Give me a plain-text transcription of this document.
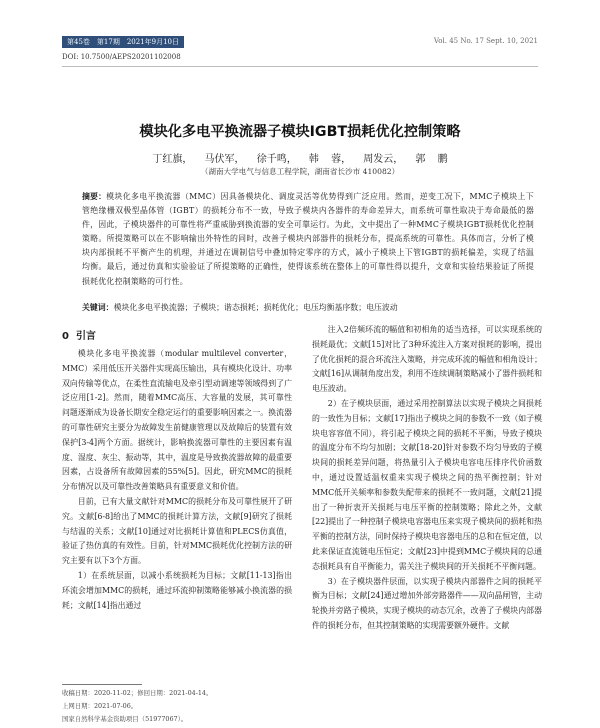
第45卷　第17期　2021年9月10日	Vol. 45 No. 17 Sept. 10, 2021
DOI: 10.7500/AEPS20201102008
模块化多电平换流器子模块IGBT损耗优化控制策略
丁红旗， 马伏军， 徐千鸣， 韩 蓉， 周发云， 郭 鹏
（湖南大学电气与信息工程学院，湖南省长沙市 410082）
摘要：模块化多电平换流器（MMC）因具备模块化、调度灵活等优势得到广泛应用。然而，逆变工况下，MMC子模块上下管绝缘栅双极型晶体管（IGBT）的损耗分布不一致，导致子模块内各器件的寿命差异大，而系统可靠性取决于寿命最低的器件，因此，子模块器件的可靠性将严重威胁到换流器的安全可靠运行。为此，文中提出了一种MMC子模块IGBT损耗优化控制策略。所提策略可以在不影响输出外特性的同时，改善子模块内部器件的损耗分布，提高系统的可靠性。具体而言，分析了模块内部损耗不平衡产生的机理，并通过在调制信号中叠加特定零序的方式，减小子模块上下管IGBT的损耗偏差，实现了结温均衡。最后，通过仿真和实验验证了所提策略的正确性，使得该系统在整体上的可靠性得以提升，文章和实验结果验证了所提损耗优化控制策略的可行性。
关键词：模块化多电平换流器；子模块；谐态损耗；损耗优化；电压均衡基序数；电压波动
0 引言

模块化多电平换流器（modular multilevel converter，MMC）采用低压开关器件实现高压输出，具有模块化设计、功率双向传输等优点，在柔性直流输电及牵引型动调速等领域得到了广泛应用[1-2]。然而，随着MMC高压、大容量的发展，其可靠性问题逐渐成为设备长期安全稳定运行的重要影响因素之一。换流器的可靠性研究主要分为故障发生前健康管理以及故障后的装置有效保护[3-4]两个方面。据统计，影响换流器可靠性的主要因素有温度、湿度、灰尘、振动等，其中，温度是导致换流器故障的最重要因素，占设备所有故障因素的55%[5]。因此，研究MMC的损耗分布情况以及可靠性改善策略具有重要意义和价值。

目前，已有大量文献针对MMC的损耗分布及可靠性展开了研究。文献[6-8]给出了MMC的损耗计算方法，文献[9]研究了损耗与结温的关系；文献[10]通过对比损耗计算值和PLECS仿真值，验证了热仿真的有效性。目前，针对MMC损耗优化控制方法的研究主要有以下3个方面。

1）在系统层面，以减小系统损耗为目标；文献[11-13]指出环流会增加MMC的损耗，通过环流抑制策略能够减小换流器的损耗；文献[14]指出通过

注入2倍频环流的幅值和初相角的适当选择，可以实现系统的损耗最优；文献[15]对比了3种环流注入方案对损耗的影响，提出了优化损耗的混合环流注入策略，并完成环流的幅值和相角设计；文献[16]从调制角度出发，利用不连续调制策略减小了器件损耗和电压波动。

2）在子模块层面，通过采用控制算法以实现子模块之间损耗的一致性为目标；文献[17]指出子模块之间的参数不一致（如子模块电容容值不同），将引起子模块之间的损耗不平衡，导致子模块的温度分布不均匀加剧；文献[18-20]针对参数不均匀导致的子模块间的损耗差异问题，将热量引入子模块电容电压排序代价函数中，通过设置适温权重来实现子模块之间的热平衡控制；针对MMC低开关频率和参数失配带来的损耗不一致问题，文献[21]提出了一种折衷开关损耗与电压平衡的控制策略；除此之外，文献[22]提出了一种控制子模块电容器电压来实现子模块间的损耗和热平衡的控制方法，同时保持子模块电容器电压的总和在恒定值，以此来保证直流链电压恒定；文献[23]中提到MMC子模块间的总通态损耗具有自平衡能力，需关注子模块间的开关损耗不平衡问题。

3）在子模块器件层面，以实现子模块内部器件之间的损耗平衡为目标；文献[24]通过增加外部旁路器件——双向晶闸管，主动轮换并旁路子模块，实现子模块的动态冗余，改善了子模块内部器件的损耗分布，但其控制策略的实现需要额外硬件。文献

收稿日期：2020-11-02；修回日期：2021-04-14。
上网日期：2021-07-06。
国家自然科学基金资助项目（51977067）。
